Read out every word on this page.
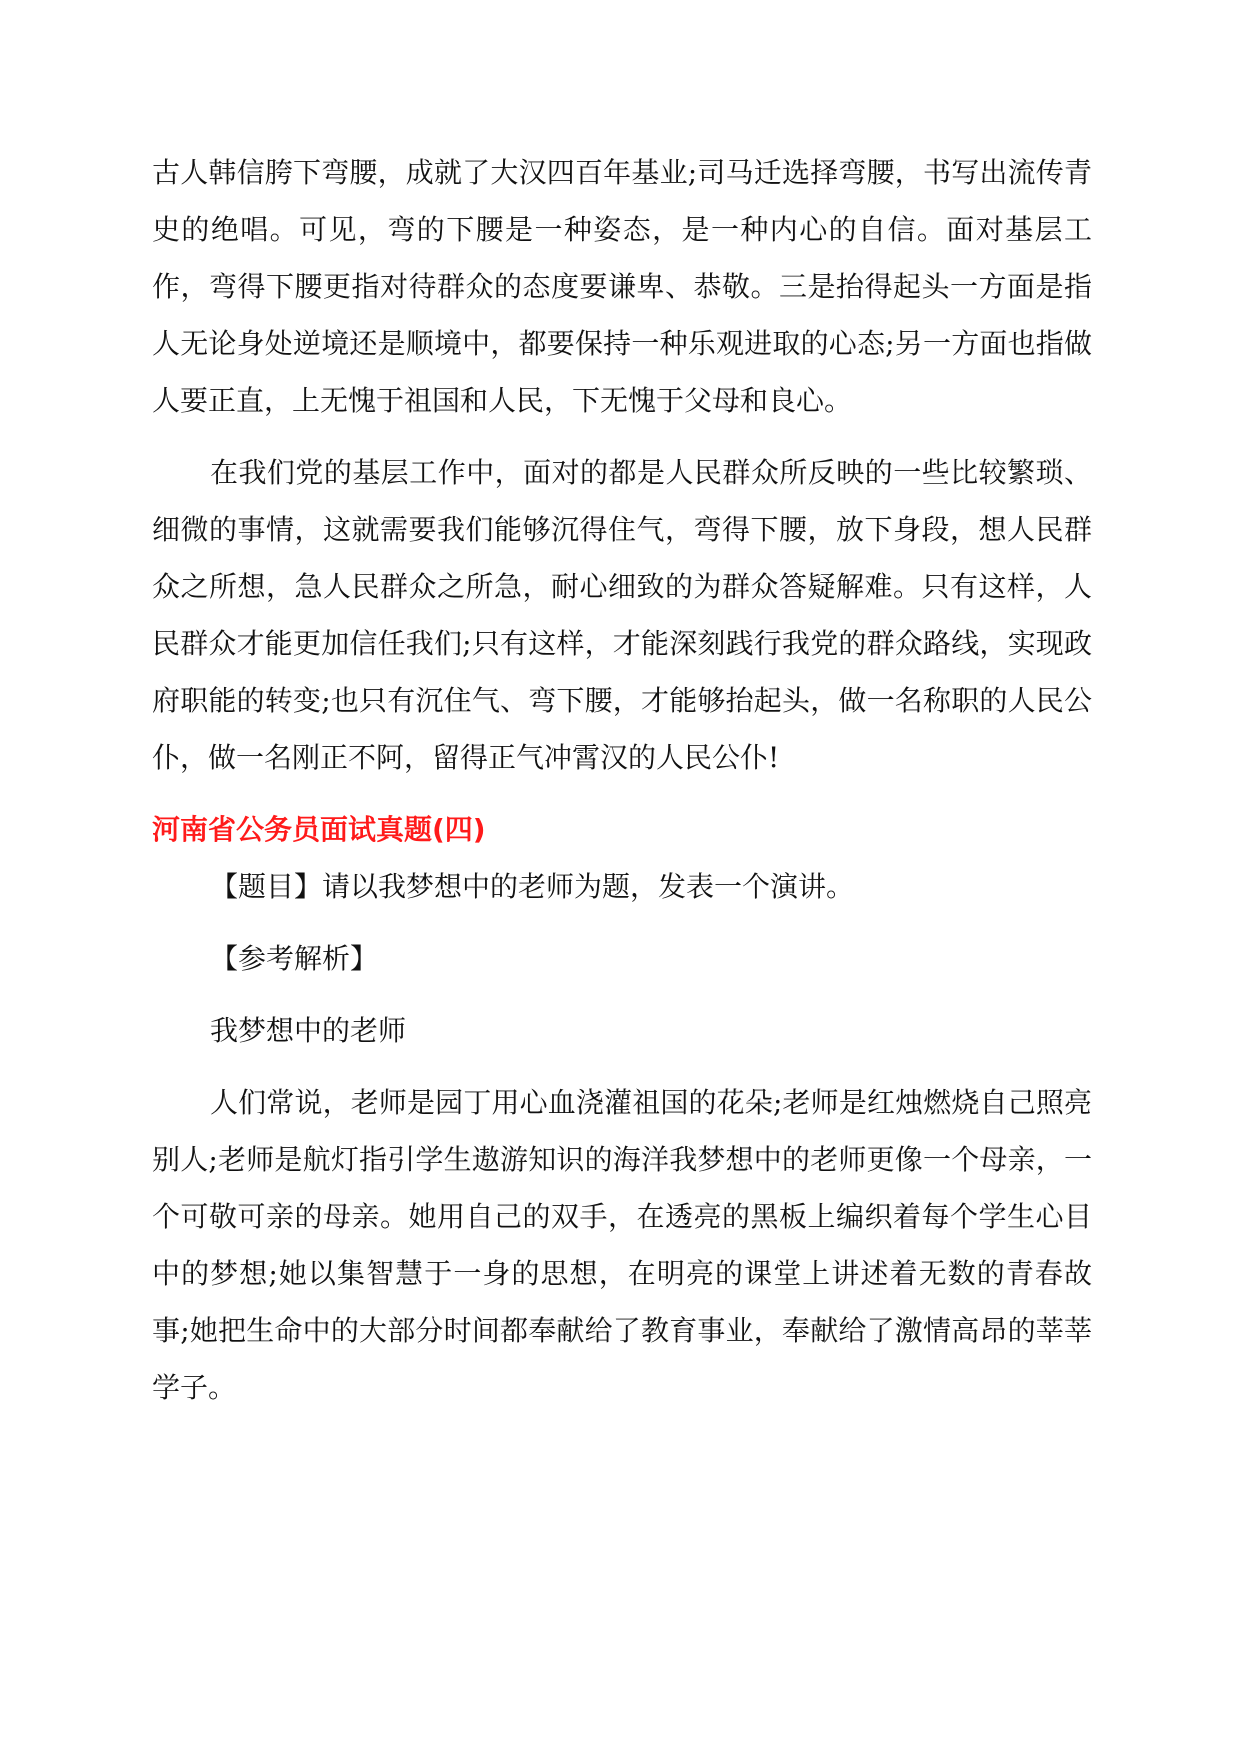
古人韩信胯下弯腰，成就了大汉四百年基业;司马迁选择弯腰，书写出流传青史的绝唱。可见，弯的下腰是一种姿态，是一种内心的自信。面对基层工作，弯得下腰更指对待群众的态度要谦卑、恭敬。三是抬得起头一方面是指人无论身处逆境还是顺境中，都要保持一种乐观进取的心态;另一方面也指做人要正直，上无愧于祖国和人民，下无愧于父母和良心。

在我们党的基层工作中，面对的都是人民群众所反映的一些比较繁琐、细微的事情，这就需要我们能够沉得住气，弯得下腰，放下身段，想人民群众之所想，急人民群众之所急，耐心细致的为群众答疑解难。只有这样，人民群众才能更加信任我们;只有这样，才能深刻践行我党的群众路线，实现政府职能的转变;也只有沉住气、弯下腰，才能够抬起头，做一名称职的人民公仆，做一名刚正不阿，留得正气冲霄汉的人民公仆!

河南省公务员面试真题(四)

【题目】请以我梦想中的老师为题，发表一个演讲。

【参考解析】

我梦想中的老师

人们常说，老师是园丁用心血浇灌祖国的花朵;老师是红烛燃烧自己照亮别人;老师是航灯指引学生遨游知识的海洋我梦想中的老师更像一个母亲，一个可敬可亲的母亲。她用自己的双手，在透亮的黑板上编织着每个学生心目中的梦想;她以集智慧于一身的思想，在明亮的课堂上讲述着无数的青春故事;她把生命中的大部分时间都奉献给了教育事业，奉献给了激情高昂的莘莘学子。
